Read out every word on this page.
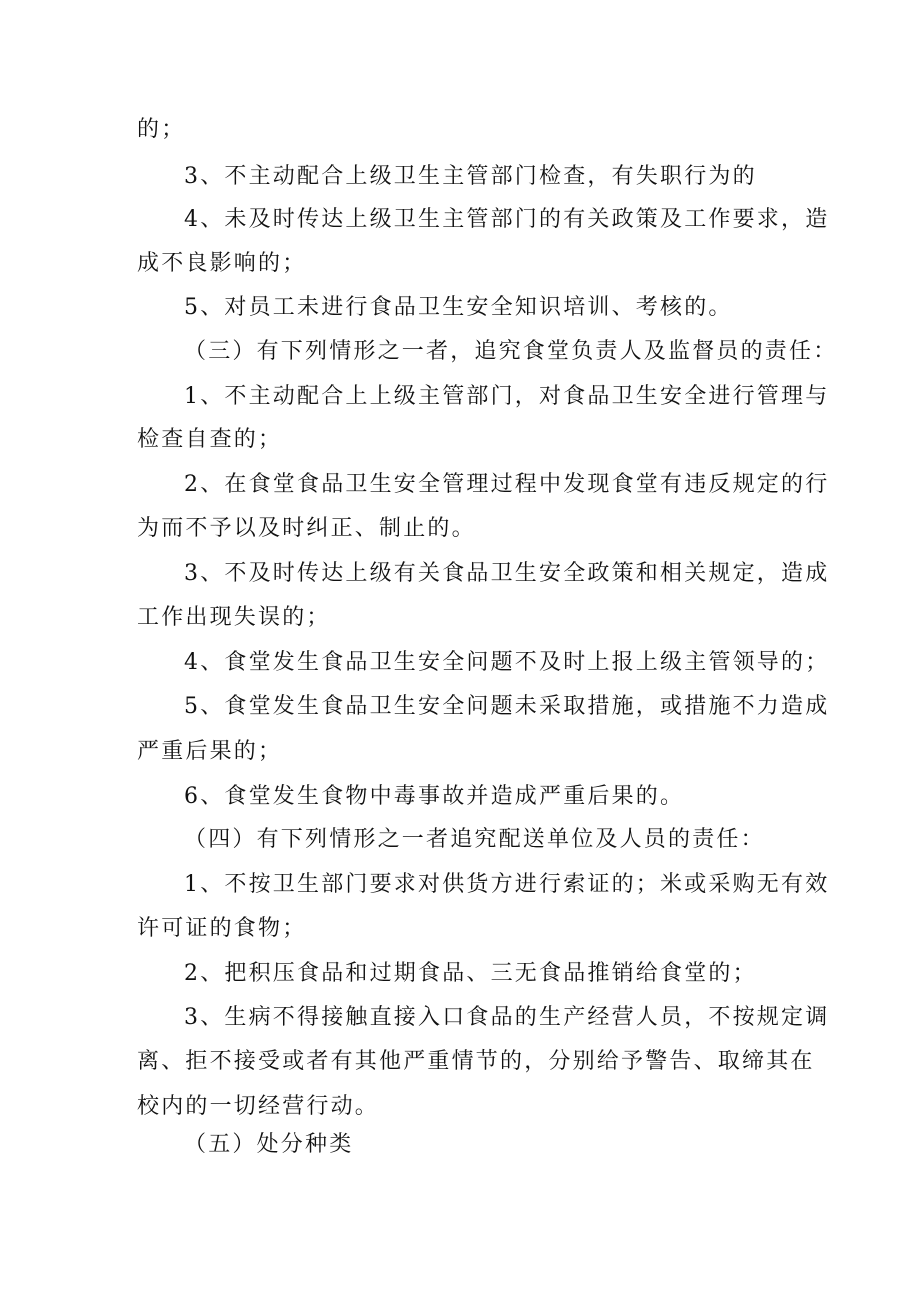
的；
3、不主动配合上级卫生主管部门检查，有失职行为的
4、未及时传达上级卫生主管部门的有关政策及工作要求，造
成不良影响的；
5、对员工未进行食品卫生安全知识培训、考核的。
（三）有下列情形之一者，追究食堂负责人及监督员的责任：
1、不主动配合上上级主管部门，对食品卫生安全进行管理与
检查自查的；
2、在食堂食品卫生安全管理过程中发现食堂有违反规定的行
为而不予以及时纠正、制止的。
3、不及时传达上级有关食品卫生安全政策和相关规定，造成
工作出现失误的；
4、食堂发生食品卫生安全问题不及时上报上级主管领导的；
5、食堂发生食品卫生安全问题未采取措施，或措施不力造成
严重后果的；
6、食堂发生食物中毒事故并造成严重后果的。
（四）有下列情形之一者追究配送单位及人员的责任：
1、不按卫生部门要求对供货方进行索证的；米或采购无有效
许可证的食物；
2、把积压食品和过期食品、三无食品推销给食堂的；
3、生病不得接触直接入口食品的生产经营人员，不按规定调
离、拒不接受或者有其他严重情节的，分别给予警告、取缔其在
校内的一切经营行动。
（五）处分种类
